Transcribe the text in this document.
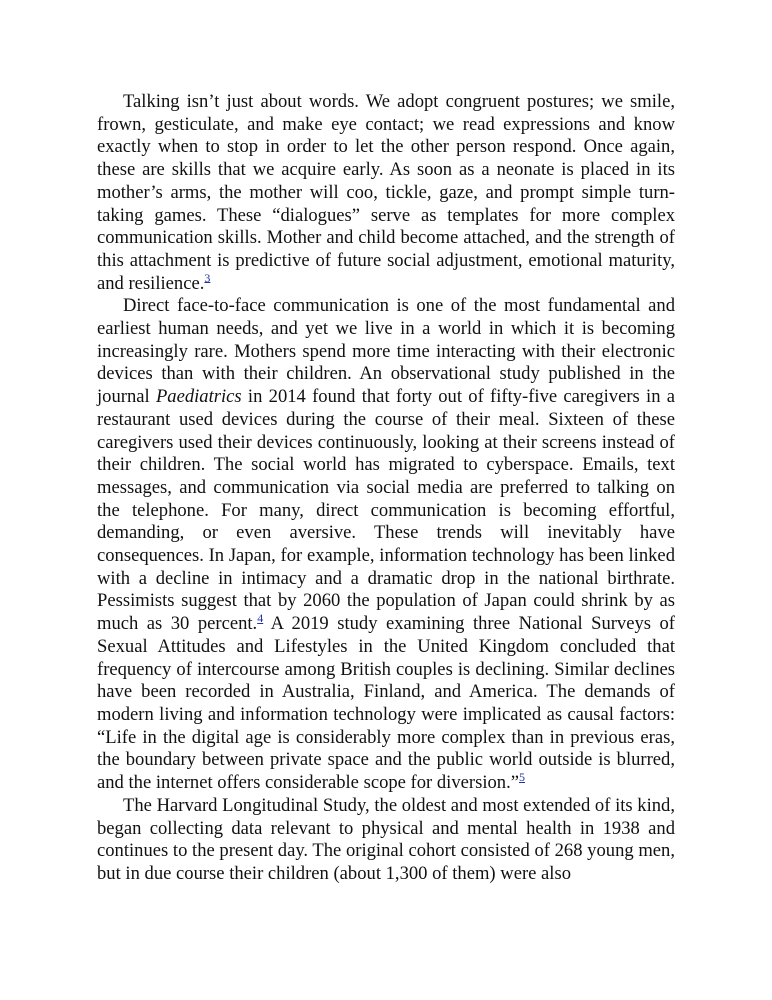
Talking isn’t just about words. We adopt congruent postures; we smile, frown, gesticulate, and make eye contact; we read expressions and know exactly when to stop in order to let the other person respond. Once again, these are skills that we acquire early. As soon as a neonate is placed in its mother’s arms, the mother will coo, tickle, gaze, and prompt simple turn-taking games. These “dialogues” serve as templates for more complex communication skills. Mother and child become attached, and the strength of this attachment is predictive of future social adjustment, emotional maturity, and resilience.$^3$

Direct face-to-face communication is one of the most fundamental and earliest human needs, and yet we live in a world in which it is becoming increasingly rare. Mothers spend more time interacting with their electronic devices than with their children. An observational study published in the journal Paediatrics in 2014 found that forty out of fifty-five caregivers in a restaurant used devices during the course of their meal. Sixteen of these caregivers used their devices continuously, looking at their screens instead of their children. The social world has migrated to cyberspace. Emails, text messages, and communication via social media are preferred to talking on the telephone. For many, direct communication is becoming effortful, demanding, or even aversive. These trends will inevitably have consequences. In Japan, for example, information technology has been linked with a decline in intimacy and a dramatic drop in the national birthrate. Pessimists suggest that by 2060 the population of Japan could shrink by as much as 30 percent.$^4$ A 2019 study examining three National Surveys of Sexual Attitudes and Lifestyles in the United Kingdom concluded that frequency of intercourse among British couples is declining. Similar declines have been recorded in Australia, Finland, and America. The demands of modern living and information technology were implicated as causal factors: “Life in the digital age is considerably more complex than in previous eras, the boundary between private space and the public world outside is blurred, and the internet offers considerable scope for diversion.”$^5$

The Harvard Longitudinal Study, the oldest and most extended of its kind, began collecting data relevant to physical and mental health in 1938 and continues to the present day. The original cohort consisted of 268 young men, but in due course their children (about 1,300 of them) were also
